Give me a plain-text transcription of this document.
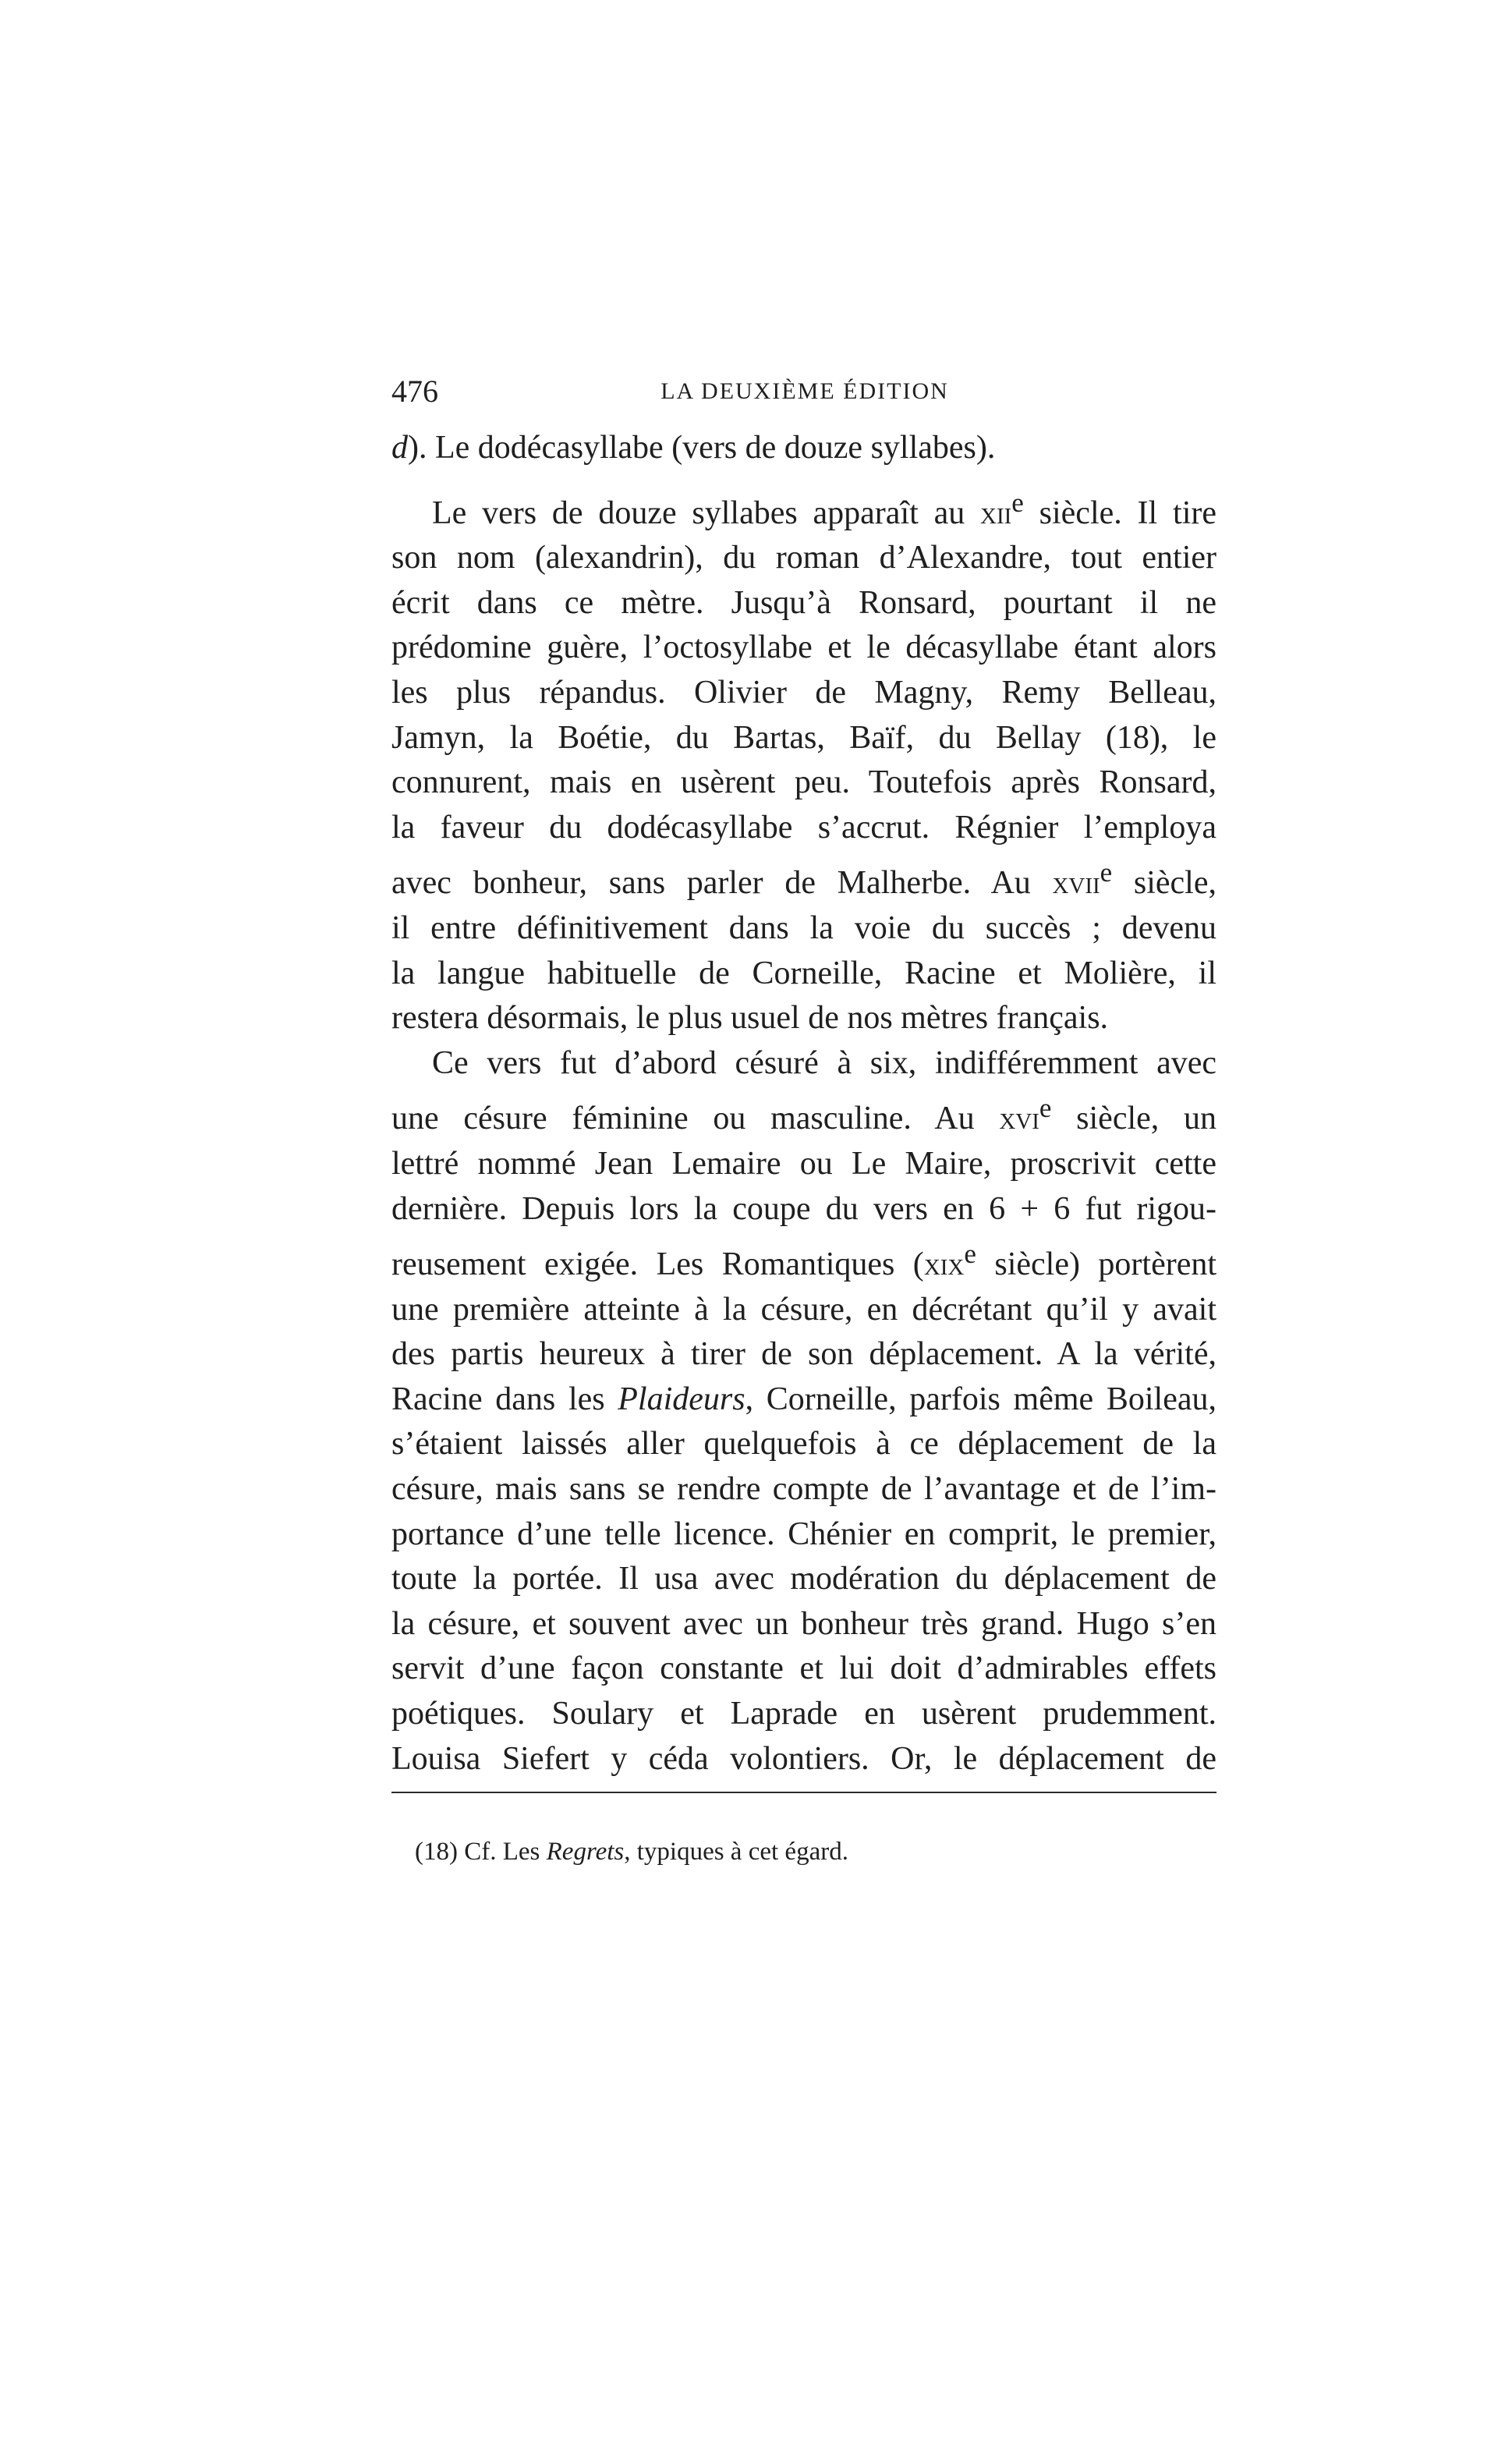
476	LA DEUXIÈME ÉDITION
d). Le dodécasyllabe (vers de douze syllabes).
Le vers de douze syllabes apparaît au xii$^e$ siècle. Il tire
son nom (alexandrin), du roman d’Alexandre, tout entier
écrit dans ce mètre. Jusqu’à Ronsard, pourtant il ne
prédomine guère, l’octosyllabe et le décasyllabe étant alors
les plus répandus. Olivier de Magny, Remy Belleau,
Jamyn, la Boétie, du Bartas, Baïf, du Bellay (18), le
connurent, mais en usèrent peu. Toutefois après Ronsard,
la faveur du dodécasyllabe s’accrut. Régnier l’employa
avec bonheur, sans parler de Malherbe. Au xvii$^e$ siècle,
il entre définitivement dans la voie du succès ; devenu
la langue habituelle de Corneille, Racine et Molière, il
restera désormais, le plus usuel de nos mètres français.
Ce vers fut d’abord césuré à six, indifféremment avec
une césure féminine ou masculine. Au xvi$^e$ siècle, un
lettré nommé Jean Lemaire ou Le Maire, proscrivit cette
dernière. Depuis lors la coupe du vers en 6 + 6 fut rigou-
reusement exigée. Les Romantiques (xix$^e$ siècle) portèrent
une première atteinte à la césure, en décrétant qu’il y avait
des partis heureux à tirer de son déplacement. A la vérité,
Racine dans les Plaideurs, Corneille, parfois même Boileau,
s’étaient laissés aller quelquefois à ce déplacement de la
césure, mais sans se rendre compte de l’avantage et de l’im-
portance d’une telle licence. Chénier en comprit, le premier,
toute la portée. Il usa avec modération du déplacement de
la césure, et souvent avec un bonheur très grand. Hugo s’en
servit d’une façon constante et lui doit d’admirables effets
poétiques. Soulary et Laprade en usèrent prudemment.
Louisa Siefert y céda volontiers. Or, le déplacement de
(18) Cf. Les Regrets, typiques à cet égard.
